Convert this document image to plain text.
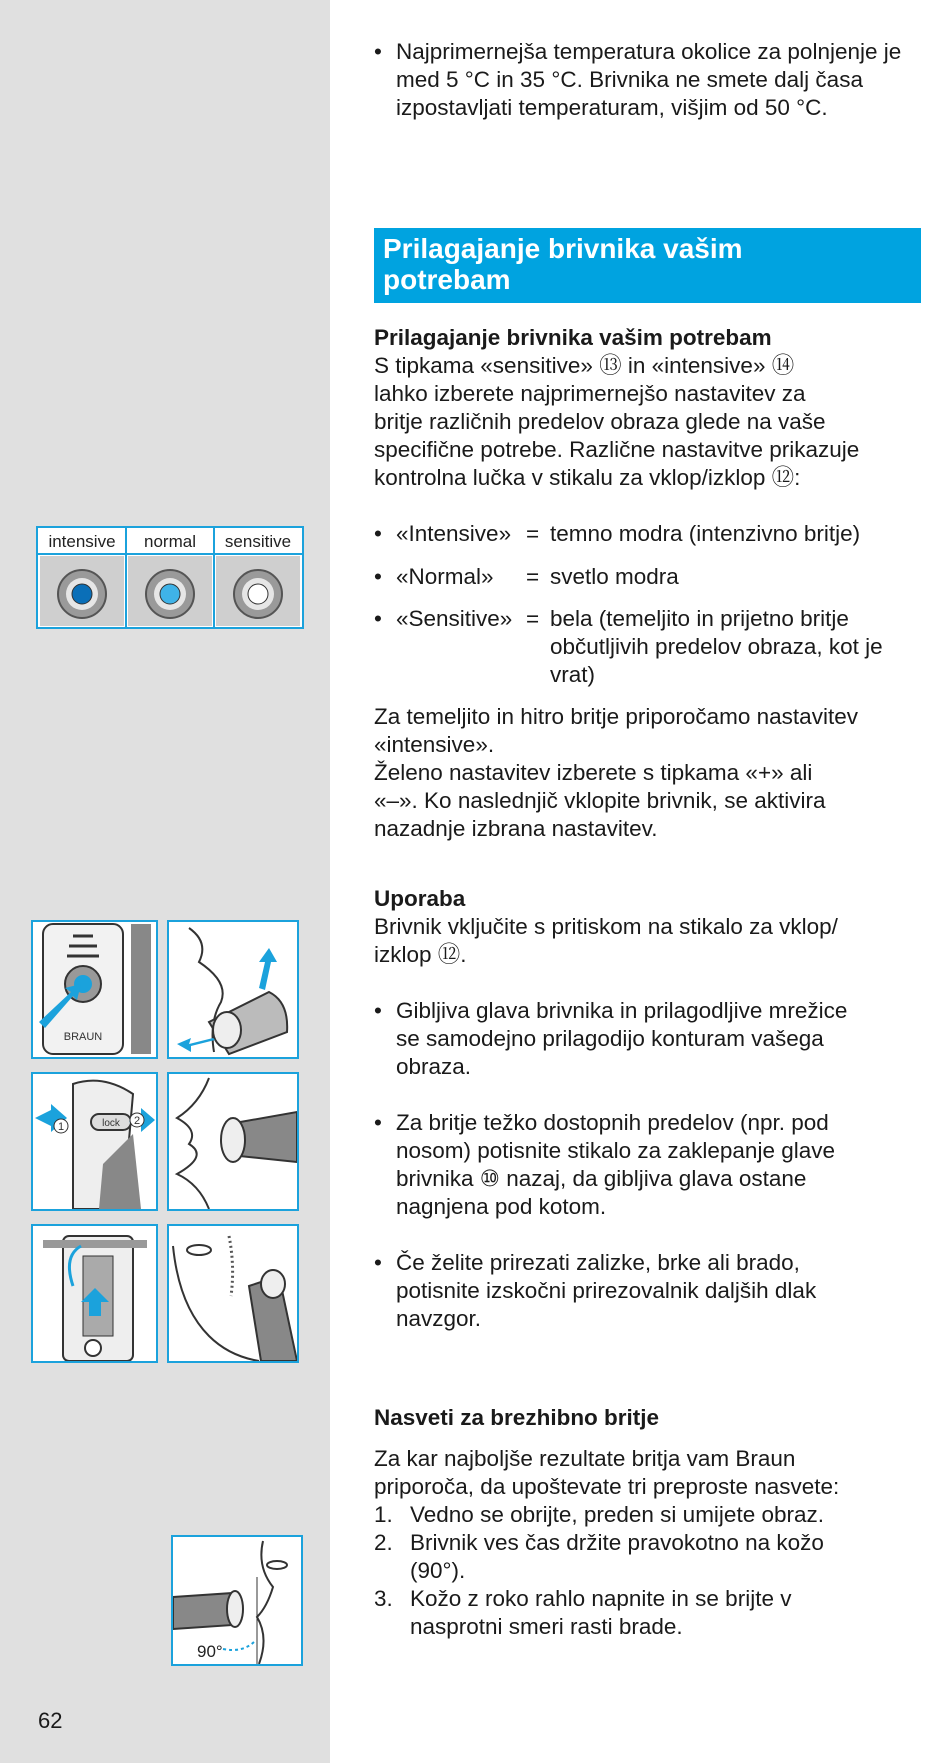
• Najprimernejša temperatura okolice za polnjenje je med 5 °C in 35 °C. Brivnika ne smete dalj časa izpostavljati temperaturam, višjim od 50 °C.
Prilagajanje brivnika vašim
potrebam
Prilagajanje brivnika vašim potrebam
S tipkama «sensitive» ⑬ in «intensive» ⑭
lahko izberete najprimernejšo nastavitev za
britje različnih predelov obraza glede na vaše
specifične potrebe. Različne nastavitve prikazuje
kontrolna lučka v stikalu za vklop/izklop ⑫:
• «Intensive» = temno modra (intenzivno britje)
• «Normal» = svetlo modra
• «Sensitive» = bela (temeljito in prijetno britje
občutljivih predelov obraza, kot je
vrat)
Za temeljito in hitro britje priporočamo nastavitev
«intensive».
Želeno nastavitev izberete s tipkama «+» ali
«–». Ko naslednjič vklopite brivnik, se aktivira
nazadnje izbrana nastavitev.
Uporaba
Brivnik vključite s pritiskom na stikalo za vklop/
izklop ⑫.
• Gibljiva glava brivnika in prilagodljive mrežice
se samodejno prilagodijo konturam vašega
obraza.
• Za britje težko dostopnih predelov (npr. pod
nosom) potisnite stikalo za zaklepanje glave
brivnika ⑩ nazaj, da gibljiva glava ostane
nagnjena pod kotom.
• Če želite prirezati zalizke, brke ali brado,
potisnite izskočni prirezovalnik daljših dlak
navzgor.
Nasveti za brezhibno britje
Za kar najboljše rezultate britja vam Braun
priporoča, da upoštevate tri preproste nasvete:
1. Vedno se obrijte, preden si umijete obraz.
2. Brivnik ves čas držite pravokotno na kožo
(90°).
3. Kožo z roko rahlo napnite in se brijte v
nasprotni smeri rasti brade.
intensive normal sensitive
BRAUN
lock
1	2
90°
62
